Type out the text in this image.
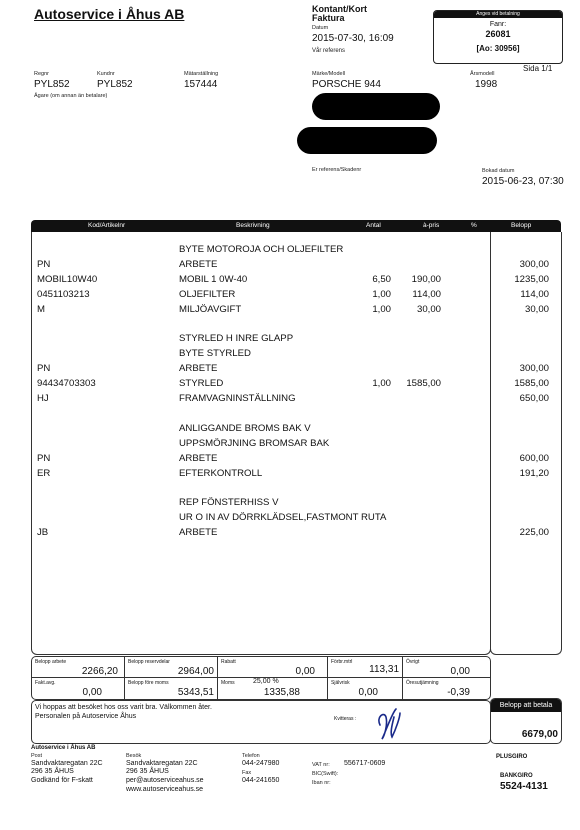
Autoservice i Åhus AB	Kontant/Kort
Faktura
Datum
2015-07-30, 16:09
Vår referens
Anges vid betalning
Fanr:
26081
[Ao: 30956]
Sida 1/1
Regnr
PYL852
Kundnr
PYL852
Mätarställning
157444
Märke/Modell
PORSCHE 944
Årsmodell
1998
Ägare (om annan än betalare)
Er referens/Skadenr	Bokad datum
2015-06-23, 07:30
Kod/Artikelnr	Beskrivning	Antal	à-pris	%	Belopp
BYTE MOTOROJA OCH OLJEFILTER
PN	ARBETE	300,00
MOBIL10W40	MOBIL 1 0W-40	6,50 190,00	1235,00
0451103213	OLJEFILTER	1,00 114,00	114,00
M	MILJÖAVGIFT	1,00	30,00	30,00
STYRLED H INRE GLAPP
BYTE STYRLED
PN	ARBETE	300,00
94434703303	STYRLED	1,00 1585,00	1585,00
HJ	FRAMVAGNINSTÄLLNING	650,00
ANLIGGANDE BROMS BAK V
UPPSMÖRJNING BROMSAR BAK
PN	ARBETE	600,00
ER	EFTERKONTROLL	191,20
REP FÖNSTERHISS V
UR O IN AV DÖRRKLÄDSEL,FASTMONT RUTA
JB	ARBETE	225,00
Belopp arbete
2266,20
Belopp reservdelar
2964,00
Rabatt
0,00
Förbr.mtrl
113,31
Övrigt
0,00
Fakt.avg.
0,00
Belopp före moms
5343,51
Moms	25,00 %
1335,88
Självrisk
0,00
Öresutjämning
-0,39
Vi hoppas att besöket hos oss varit bra. Välkommen åter.
Personalen på Autoservice Åhus	Kvitteras :
Belopp att betala
6679,00
Autoservice i Åhus AB
Post
Sandvaktaregatan 22C
296 35 ÅHUS
Godkänd för F-skatt
Besök
Sandvaktaregatan 22C
296 35 ÅHUS
per@autoserviceahus.se
www.autoserviceahus.se
Telefon
044-247980
Fax
044-241650
VAT nr: 556717-0609
BIC(Swift):
Iban nr:
PLUSGIRO
BANKGIRO
5524-4131
